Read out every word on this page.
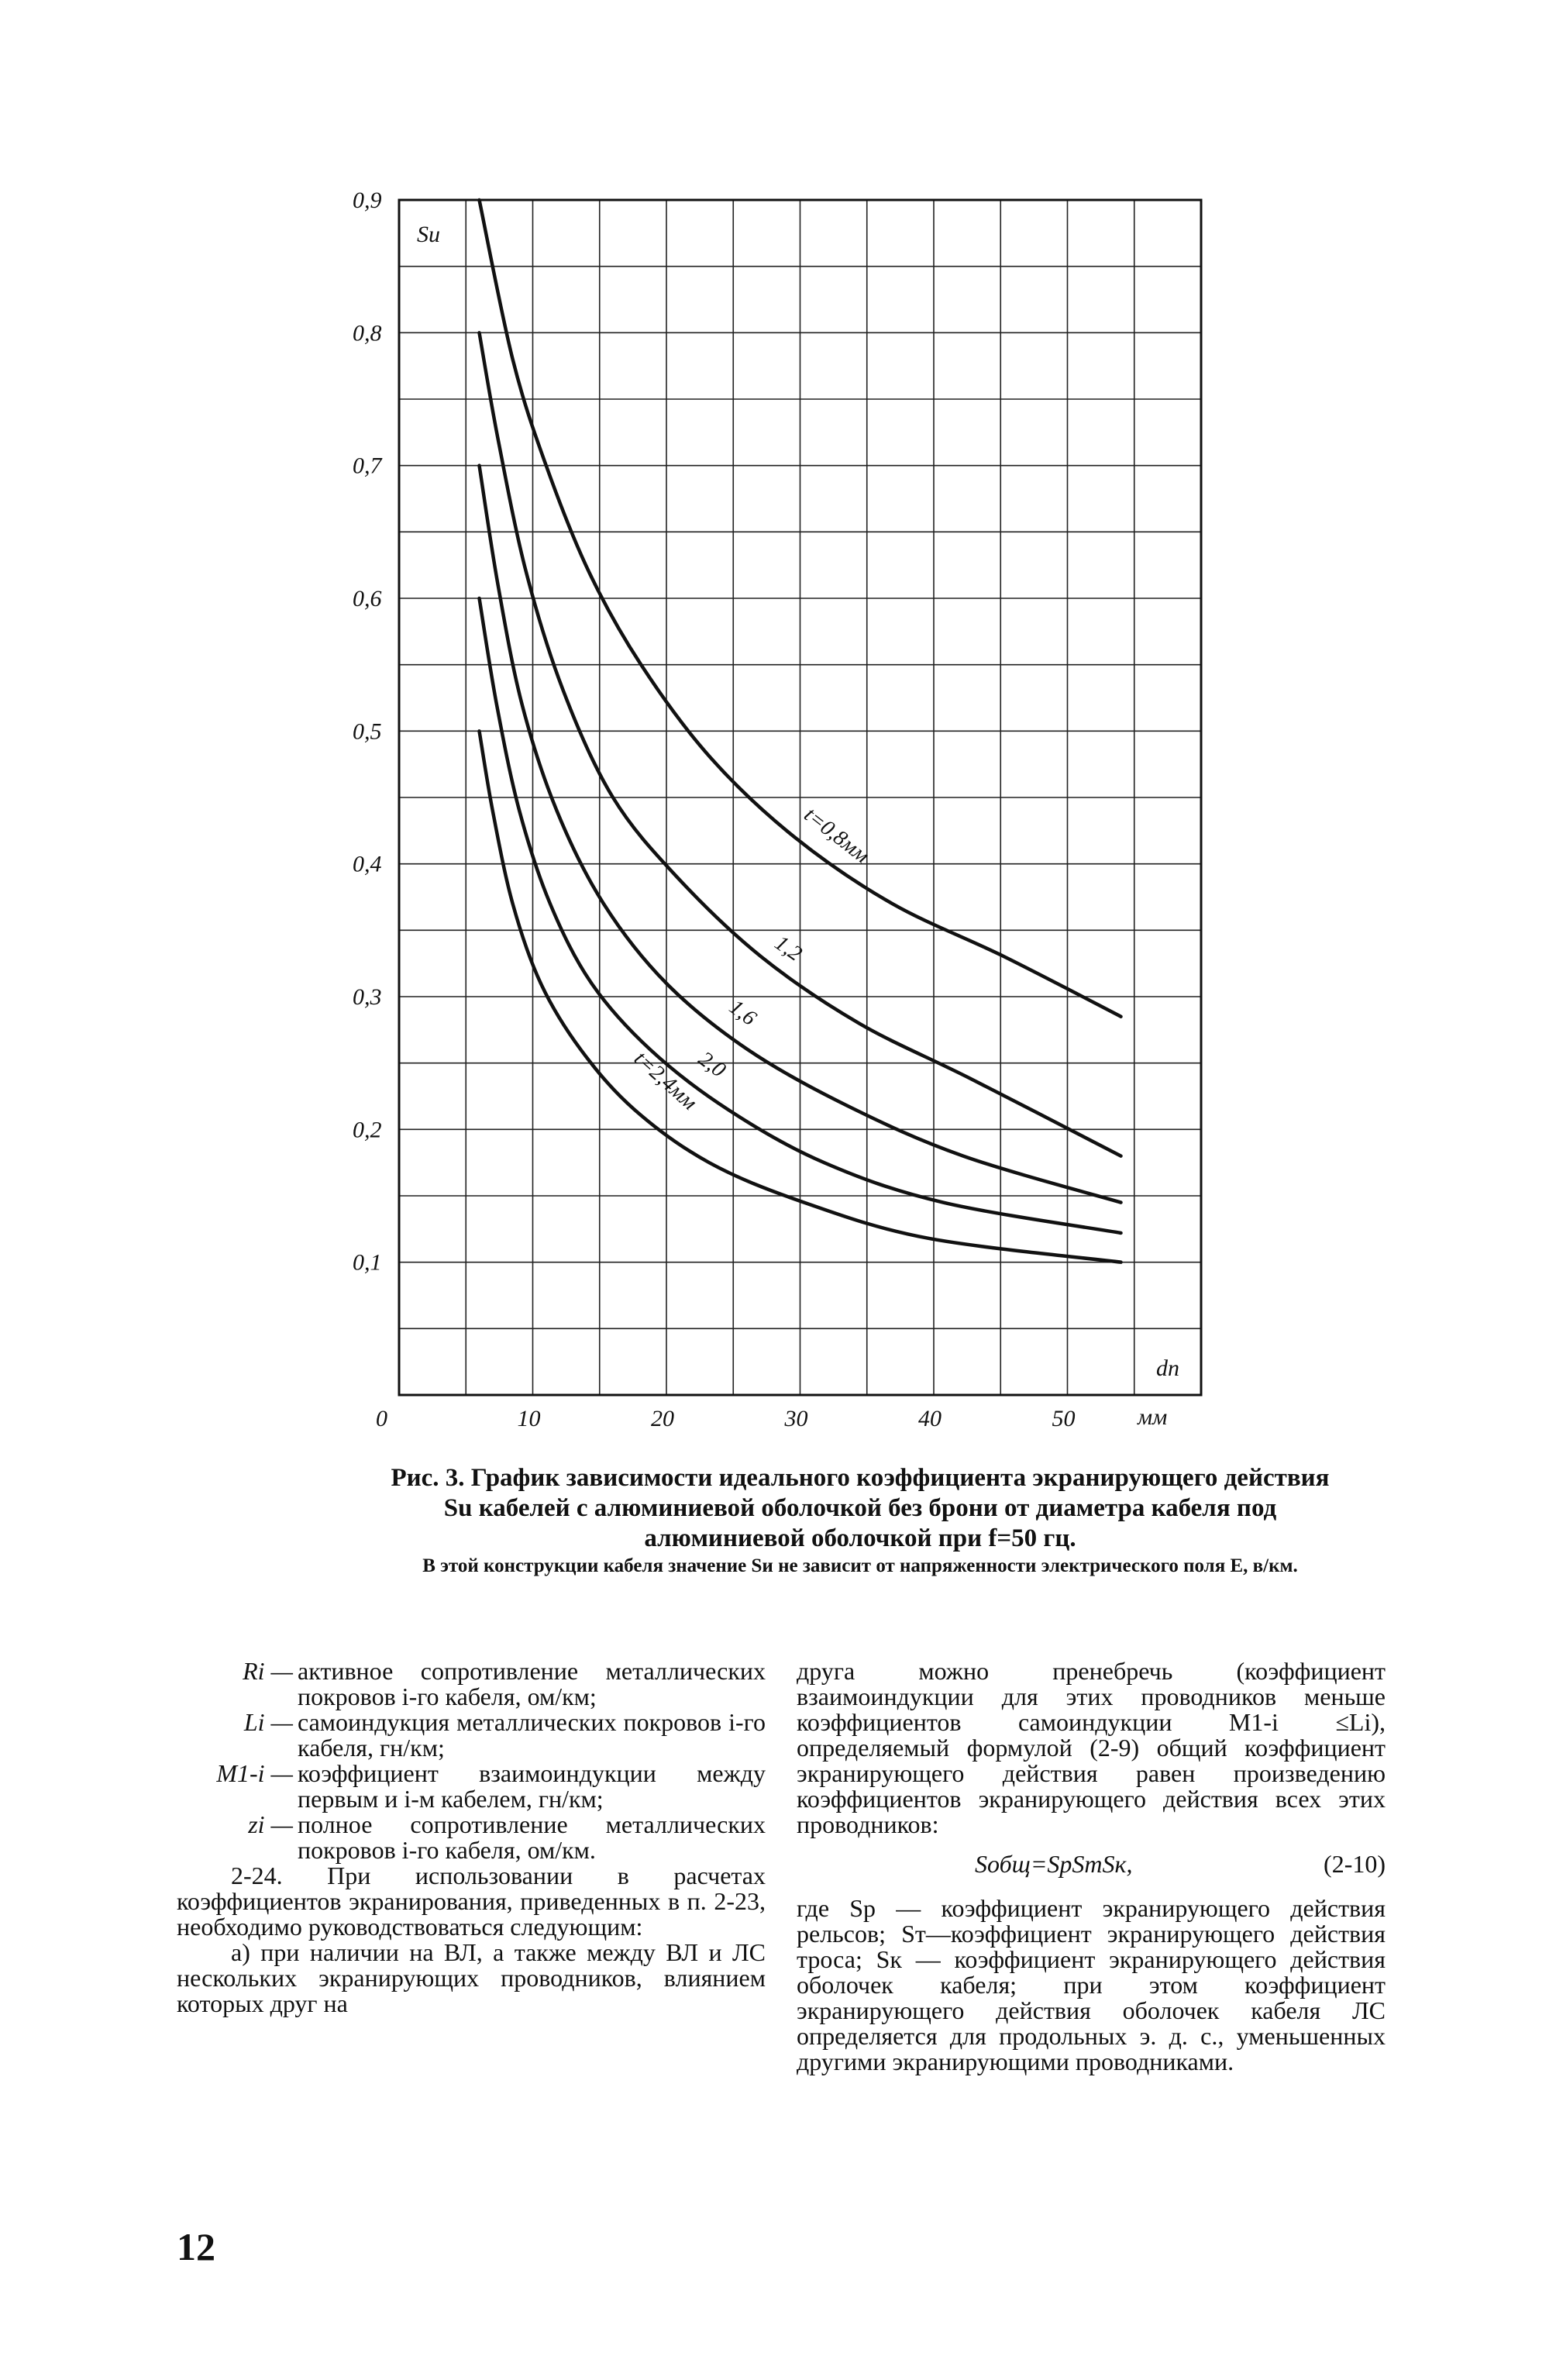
0,1
0,2
0,3
0,4
0,5
0,6
0,7
0,8
0,9
0	10	20	30	40	50
Sи
dп
мм
t=0,8мм
1,2
1,6
2,0
t=2,4мм
Рис. 3. График зависимости идеального коэффициента экранирующего действия Su кабелей с алюминиевой оболочкой без брони от диаметра кабеля под алюминиевой оболочкой при f=50 гц.
В этой конструкции кабеля значение Sи не зависит от напряженности электрического поля E, в/км.
Ri — активное сопротивление металлических покровов i-го кабеля, ом/км;
Li — самоиндукция металлических покровов i-го кабеля, гн/км;
M1-i — коэффициент взаимоиндукции между первым и i-м кабелем, гн/км;
zi — полное сопротивление металлических покровов i-го кабеля, ом/км.

2-24. При использовании в расчетах коэффициентов экранирования, приведенных в п. 2-23, необходимо руководствоваться следующим:

а) при наличии на ВЛ, а также между ВЛ и ЛС нескольких экранирующих проводников, влиянием которых друг на

друга можно пренебречь (коэффициент взаимоиндукции для этих проводников меньше коэффициентов самоиндукции M1-i ≤Li), определяемый формулой (2-9) общий коэффициент экранирующего действия равен произведению коэффициентов экранирующего действия всех этих проводников:

Sобщ=SрSтSк,	(2-10)

где Sр — коэффициент экранирующего действия рельсов; Sт—коэффициент экранирующего действия троса; Sк — коэффициент экранирующего действия оболочек кабеля; при этом коэффициент экранирующего действия оболочек кабеля ЛС определяется для продольных э. д. с., уменьшенных другими экранирующими проводниками.

12
